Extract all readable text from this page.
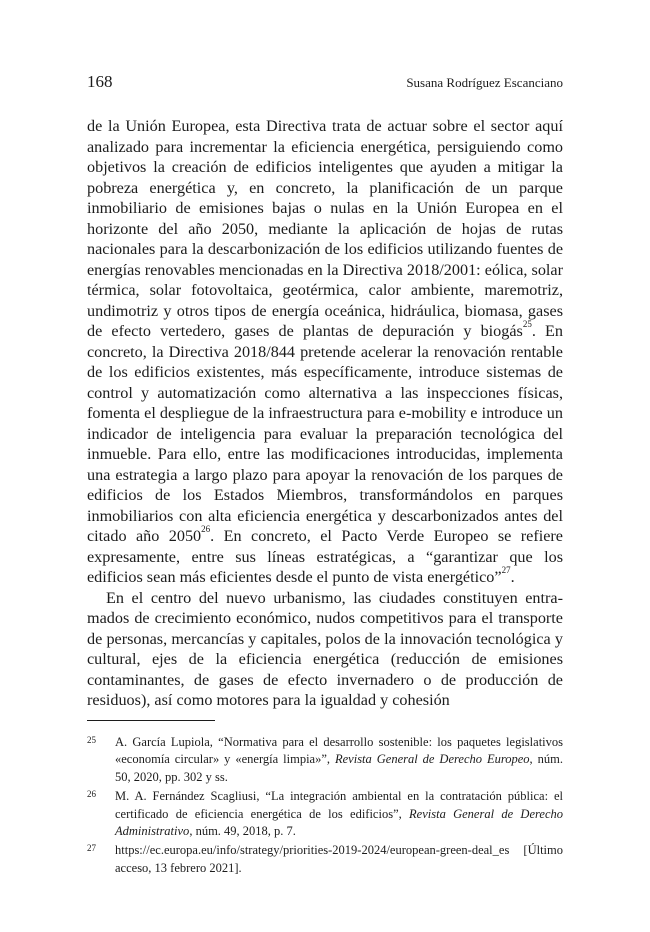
168	Susana Rodríguez Escanciano

de la Unión Europea, esta Directiva trata de actuar sobre el sector aquí analizado para incrementar la eficiencia energética, persiguiendo como objetivos la creación de edificios inteligentes que ayuden a mitigar la pobreza energética y, en concreto, la planificación de un parque inmobiliario de emisiones bajas o nulas en la Unión Europea en el horizonte del año 2050, mediante la aplicación de hojas de rutas nacionales para la descarbonización de los edificios utilizando fuentes de energías renovables mencionadas en la Directiva 2018/2001: eólica, solar térmica, solar fotovoltaica, geotérmica, calor ambiente, maremotriz, undimotriz y otros tipos de energía oceánica, hidráulica, biomasa, gases de efecto vertedero, gases de plantas de depuración y biogás$^{25}$. En concreto, la Directiva 2018/844 pretende acelerar la renovación rentable de los edificios existentes, más específicamente, introduce sistemas de control y automatización como alternativa a las inspecciones físicas, fomenta el despliegue de la infraestructura para e-mobility e introduce un indicador de inteligencia para evaluar la preparación tecnológica del inmueble. Para ello, entre las modificaciones introducidas, implementa una estrategia a largo plazo para apoyar la renovación de los parques de edificios de los Estados Miembros, transformándolos en parques inmobiliarios con alta eficiencia energética y descarbonizados antes del citado año 2050$^{26}$. En concreto, el Pacto Verde Europeo se refiere expresamente, entre sus líneas estratégicas, a “garantizar que los edificios sean más eficientes desde el punto de vista energético”$^{27}$.

En el centro del nuevo urbanismo, las ciudades constituyen entramados de crecimiento económico, nudos competitivos para el transporte de personas, mercancías y capitales, polos de la innovación tecnológica y cultural, ejes de la eficiencia energética (reducción de emisiones contaminantes, de gases de efecto invernadero o de producción de residuos), así como motores para la igualdad y cohesión

25 A. García Lupiola, “Normativa para el desarrollo sostenible: los paquetes legislativos «economía circular» y «energía limpia»”, Revista General de Derecho Europeo, núm. 50, 2020, pp. 302 y ss.
26 M. A. Fernández Scagliusi, “La integración ambiental en la contratación pública: el certificado de eficiencia energética de los edificios”, Revista General de Derecho Administrativo, núm. 49, 2018, p. 7.
27 https://ec.europa.eu/info/strategy/priorities-2019-2024/european-green-deal_es [Último acceso, 13 febrero 2021].
